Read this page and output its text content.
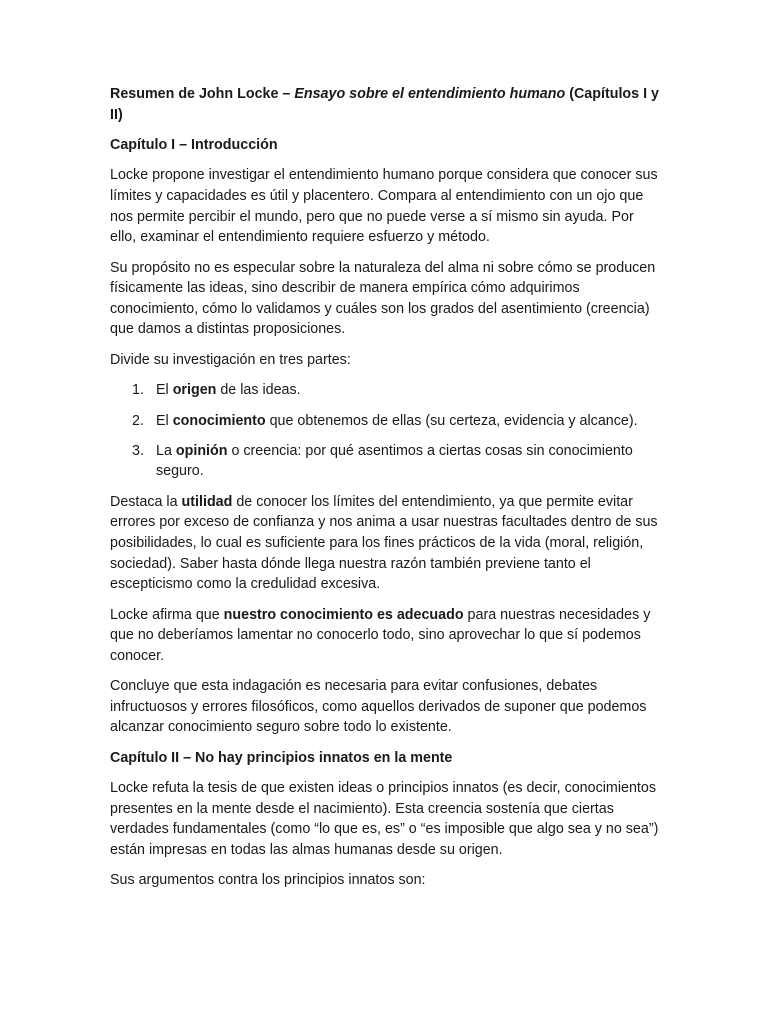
Resumen de John Locke – Ensayo sobre el entendimiento humano (Capítulos I y II)

Capítulo I – Introducción

Locke propone investigar el entendimiento humano porque considera que conocer sus límites y capacidades es útil y placentero. Compara al entendimiento con un ojo que nos permite percibir el mundo, pero que no puede verse a sí mismo sin ayuda. Por ello, examinar el entendimiento requiere esfuerzo y método.

Su propósito no es especular sobre la naturaleza del alma ni sobre cómo se producen físicamente las ideas, sino describir de manera empírica cómo adquirimos conocimiento, cómo lo validamos y cuáles son los grados del asentimiento (creencia) que damos a distintas proposiciones.

Divide su investigación en tres partes:

1. El origen de las ideas.
2. El conocimiento que obtenemos de ellas (su certeza, evidencia y alcance).
3. La opinión o creencia: por qué asentimos a ciertas cosas sin conocimiento seguro.

Destaca la utilidad de conocer los límites del entendimiento, ya que permite evitar errores por exceso de confianza y nos anima a usar nuestras facultades dentro de sus posibilidades, lo cual es suficiente para los fines prácticos de la vida (moral, religión, sociedad). Saber hasta dónde llega nuestra razón también previene tanto el escepticismo como la credulidad excesiva.

Locke afirma que nuestro conocimiento es adecuado para nuestras necesidades y que no deberíamos lamentar no conocerlo todo, sino aprovechar lo que sí podemos conocer.

Concluye que esta indagación es necesaria para evitar confusiones, debates infructuosos y errores filosóficos, como aquellos derivados de suponer que podemos alcanzar conocimiento seguro sobre todo lo existente.

Capítulo II – No hay principios innatos en la mente

Locke refuta la tesis de que existen ideas o principios innatos (es decir, conocimientos presentes en la mente desde el nacimiento). Esta creencia sostenía que ciertas verdades fundamentales (como “lo que es, es” o “es imposible que algo sea y no sea”) están impresas en todas las almas humanas desde su origen.

Sus argumentos contra los principios innatos son:
